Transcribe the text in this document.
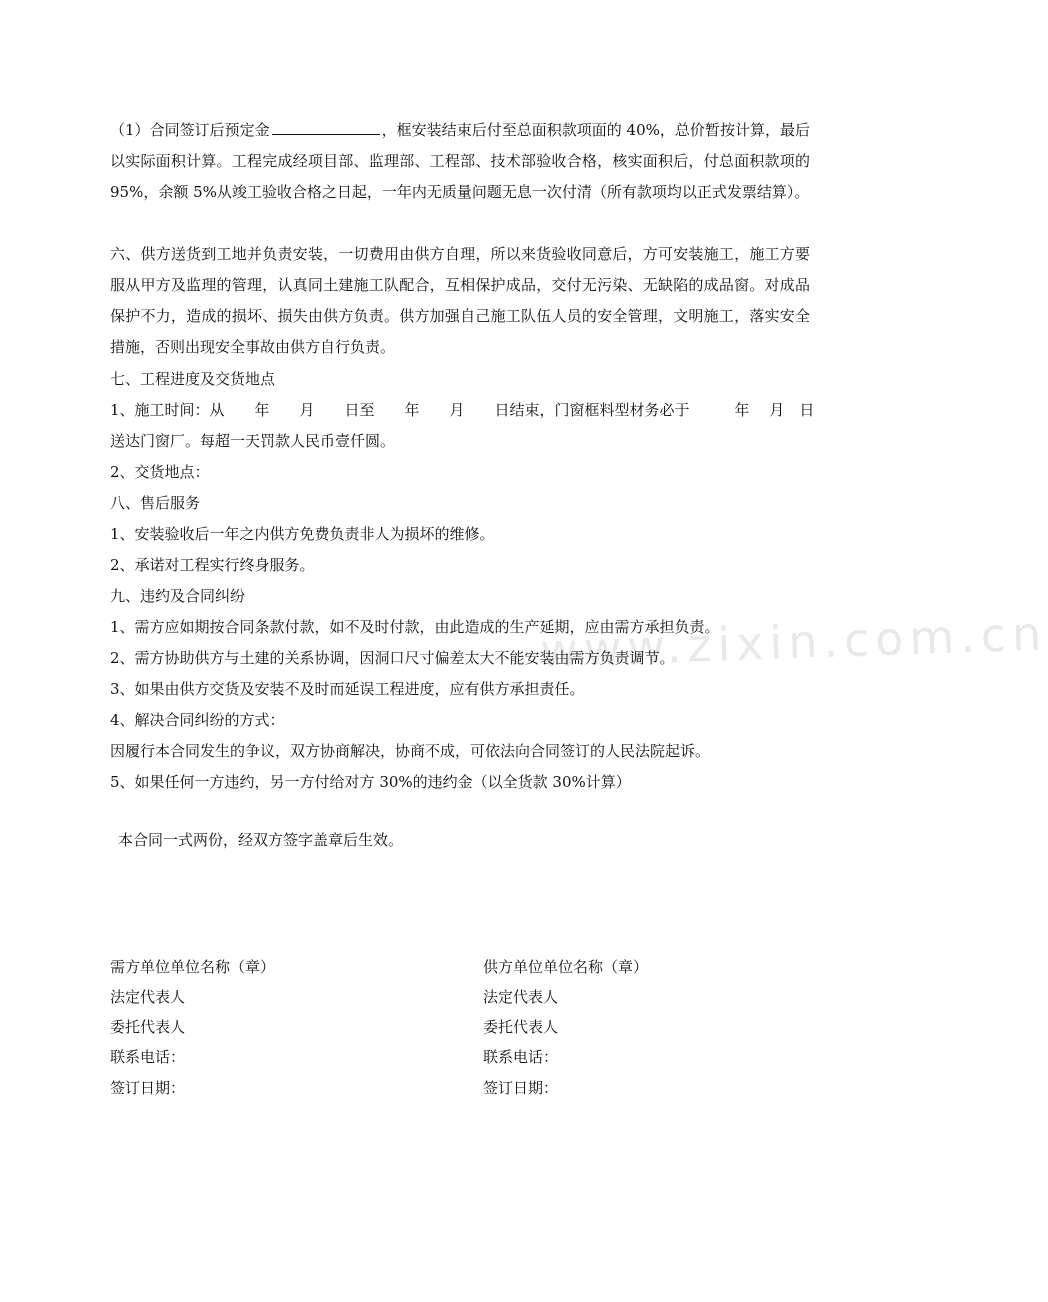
www.zixin.com.cn
（1）合同签订后预定金	，框安装结束后付至总面积款项面的 40%，总价暂按计算，最后以实际面积计算。工程完成经项目部、监理部、工程部、技术部验收合格，核实面积后，付总面积款项的 95%，余额 5%从竣工验收合格之日起，一年内无质量问题无息一次付清（所有款项均以正式发票结算）。
六、供方送货到工地并负责安装，一切费用由供方自理，所以来货验收同意后，方可安装施工，施工方要服从甲方及监理的管理，认真同土建施工队配合，互相保护成品，交付无污染、无缺陷的成品窗。对成品保护不力，造成的损坏、损失由供方负责。供方加强自己施工队伍人员的安全管理，文明施工，落实安全措施，否则出现安全事故由供方自行负责。
七、工程进度及交货地点
1、施工时间：从　　年　　月　　日至　　年　　月　　日结束，门窗框料型材务必于　　　年　 月　日
送达门窗厂。每超一天罚款人民币壹仟圆。
2、交货地点：
八、售后服务
1、安装验收后一年之内供方免费负责非人为损坏的维修。
2、承诺对工程实行终身服务。
九、违约及合同纠纷
1、需方应如期按合同条款付款，如不及时付款，由此造成的生产延期，应由需方承担负责。
2、需方协助供方与土建的关系协调，因洞口尺寸偏差太大不能安装由需方负责调节。
3、如果由供方交货及安装不及时而延误工程进度，应有供方承担责任。
4、解决合同纠纷的方式：
因履行本合同发生的争议，双方协商解决，协商不成，可依法向合同签订的人民法院起诉。
5、如果任何一方违约，另一方付给对方 30%的违约金（以全货款 30%计算）
本合同一式两份，经双方签字盖章后生效。
需方单位单位名称（章）
法定代表人
委托代表人
联系电话：
签订日期：
供方单位单位名称（章）
法定代表人
委托代表人
联系电话：
签订日期：
